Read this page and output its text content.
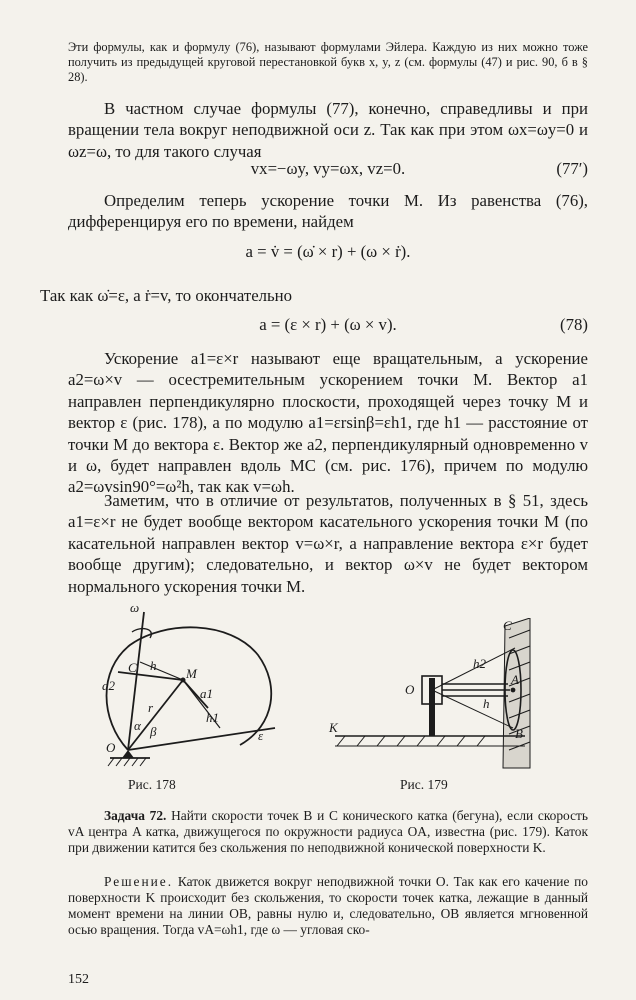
Эти формулы, как и формулу (76), называют формулами Эйлера. Каждую из них можно тоже получить из предыдущей круговой перестановкой букв x, y, z (см. формулы (47) и рис. 90, б в § 28).

В частном случае формулы (77), конечно, справедливы и при вращении тела вокруг неподвижной оси z. Так как при этом ωx=ωy=0 и ωz=ω, то для такого случая

vx=−ωy, vy=ωx, vz=0.	(77′)

Определим теперь ускорение точки M. Из равенства (76), дифференцируя его по времени, найдем

a = v̇ = (ω̇ × r) + (ω × ṙ).

Так как ω̇=ε, а ṙ=v, то окончательно

a = (ε × r) + (ω × v).	(78)

Ускорение a1=ε×r называют еще вращательным, а ускорение a2=ω×v — осестремительным ускорением точки M. Вектор a1 направлен перпендикулярно плоскости, проходящей через точку M и вектор ε (рис. 178), а по модулю a1=εrsinβ=εh1, где h1 — расстояние от точки M до вектора ε. Вектор же a2, перпендикулярный одновременно v и ω, будет направлен вдоль MC (см. рис. 176), причем по модулю a2=ωvsin90°=ω²h, так как v=ωh.

Заметим, что в отличие от результатов, полученных в § 51, здесь a1=ε×r не будет вообще вектором касательного ускорения точки M (по касательной направлен вектор v=ω×r, а направление вектора ε×r будет вообще другим); следовательно, и вектор ω×v не будет вектором нормального ускорения точки M.

ω
C h
M
a2
a1
r
α β
h1
ε
O
Рис. 178
C
h2
O
A
h
K	B
Рис. 179

Задача 72. Найти скорости точек B и C конического катка (бегуна), если скорость vA центра A катка, движущегося по окружности радиуса OA, известна (рис. 179). Каток при движении катится без скольжения по неподвижной конической поверхности K.

Решение. Каток движется вокруг неподвижной точки O. Так как его качение по поверхности K происходит без скольжения, то скорости точек катка, лежащие в данный момент времени на линии OB, равны нулю и, следовательно, OB является мгновенной осью вращения. Тогда vA=ωh1, где ω — угловая ско-

152
